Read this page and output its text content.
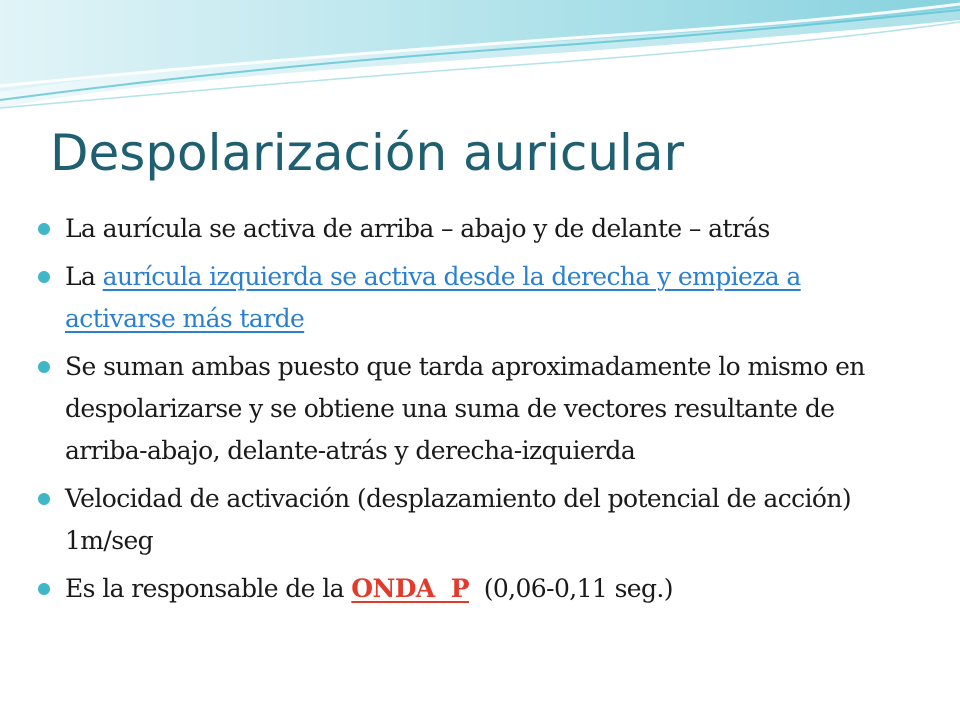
Despolarización auricular
La aurícula se activa de arriba – abajo y de delante – atrás
La aurícula izquierda se activa desde la derecha y empieza a activarse más tarde
Se suman ambas puesto que tarda aproximadamente lo mismo en despolarizarse y se obtiene una suma de vectores resultante de arriba-abajo, delante-atrás y derecha-izquierda
Velocidad de activación (desplazamiento del potencial de acción) 1m/seg
Es la responsable de la ONDA  P  (0,06-0,11 seg.)
